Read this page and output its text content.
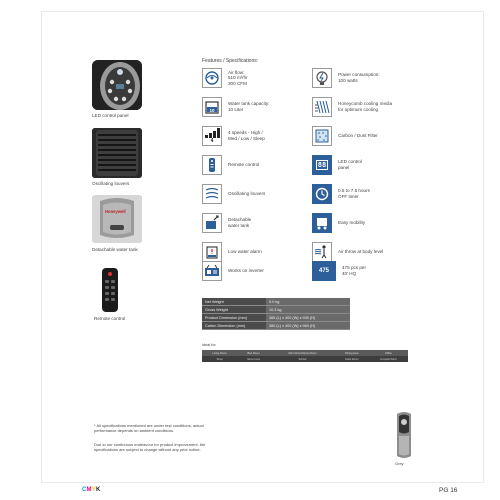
LED control panel
Oscillating louvers
Honeywell
Detachable water tank
Remote control
Features / Specifications:
Air flow:
510 m³/hr
300 CFM
Power consumption:
100 watts
10
Water tank capacity:
10 Liter
Honeycomb cooling media
for optimum cooling
4
4 speeds - High /
Med / Low / Sleep
Carbon / Dust Filter
Remote control	88	LED control
panel
Oscillating louvers
0.5 to 7.5 hours
OFF timer
Detachable
water tank
Easy mobility
Low water alarm	Air throw at body level
Works on inverter	475
475 pcs per
40' HQ
Net Weight	9.0 kg
Gross Weight	10.3 kg
Product Dimension (mm)	365 (L) x 400 (W) x 930 (H)
Carton Dimension (mm)	380 (L) x 400 (W) x 960 (H)
Ideal for
Living Room	Bed Room	Kid's Room/Study Room	Dining Area	Office
Shop	Show room	School	Hotel Room	Hospital Ward
* All specifications mentioned are under test conditions, actual performance depends on ambient conditions.
Due to our continuous endeavour for product improvement, the specifications are subject to change without any prior notice.
Grey
CMYK	PG 16
